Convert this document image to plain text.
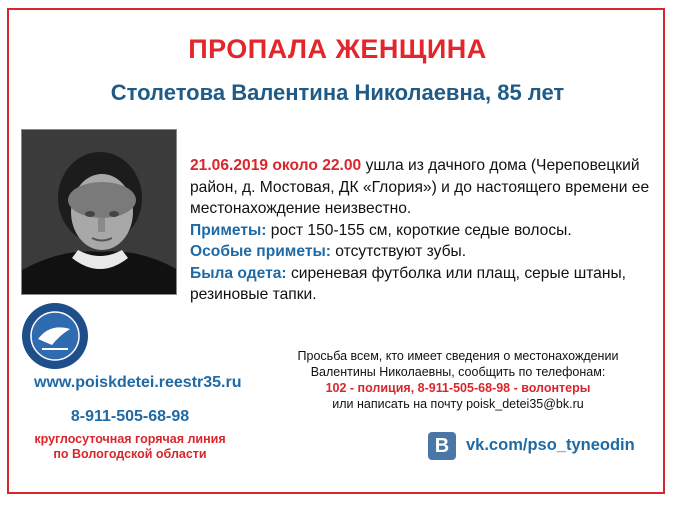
ПРОПАЛА ЖЕНЩИНА
Столетова Валентина Николаевна, 85 лет
21.06.2019 около 22.00 ушла из дачного дома (Череповецкий район, д. Мостовая, ДК «Глория») и до настоящего времени ее местонахождение неизвестно.
Приметы: рост 150-155 см, короткие седые волосы.
Особые приметы: отсутствуют зубы.
Была одета: сиреневая футболка или плащ, серые штаны, резиновые тапки.
www.poiskdetei.reestr35.ru
8-911-505-68-98
круглосуточная горячая линия
по Вологодской области
Просьба всем, кто имеет сведения о местонахождении
Валентины Николаевны, сообщить по телефонам:
102 - полиция, 8-911-505-68-98 - волонтеры
или написать на почту poisk_detei35@bk.ru
В	vk.com/pso_tyneodin
